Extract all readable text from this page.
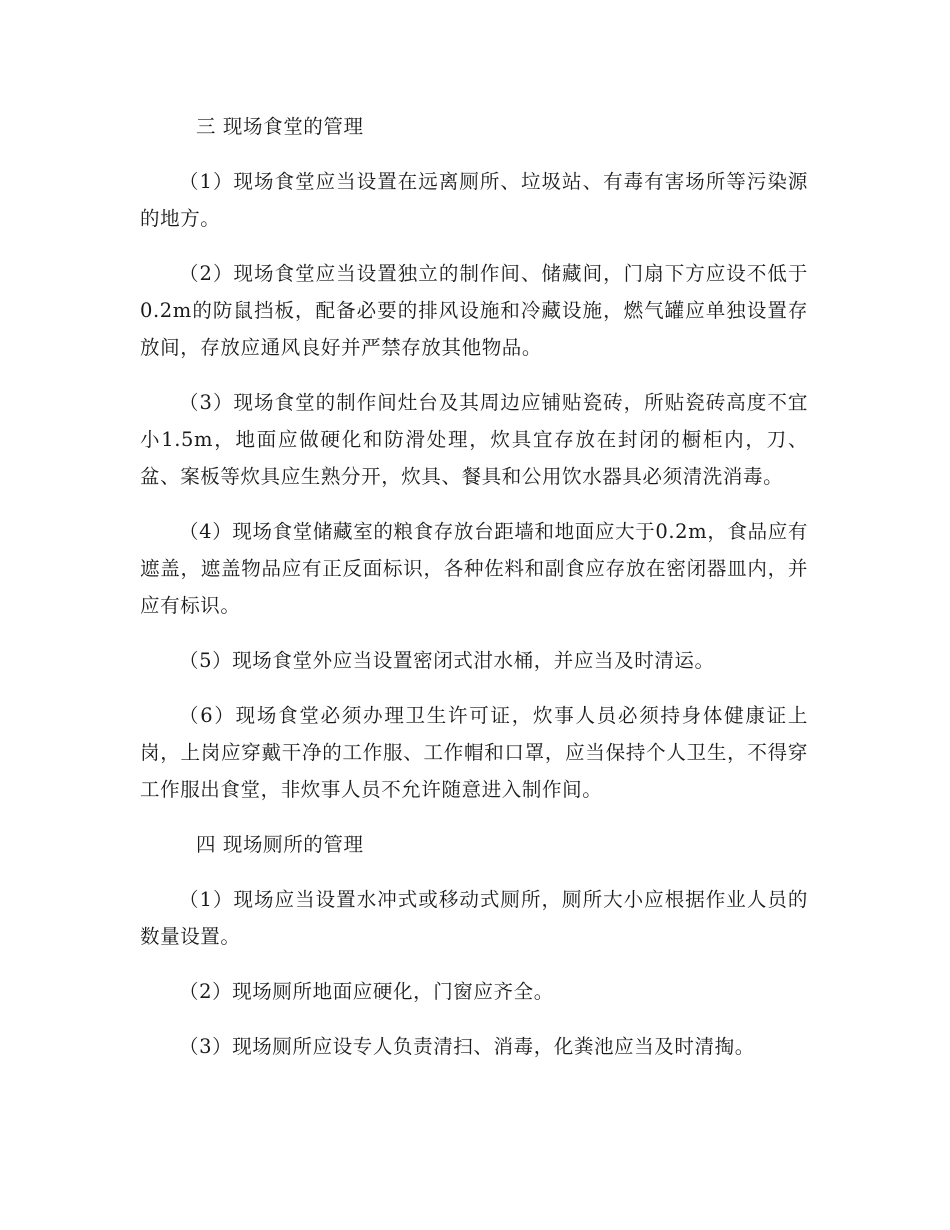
三 现场食堂的管理

（1）现场食堂应当设置在远离厕所、垃圾站、有毒有害场所等污染源的地方。

（2）现场食堂应当设置独立的制作间、储藏间，门扇下方应设不低于0.2m的防鼠挡板，配备必要的排风设施和冷藏设施，燃气罐应单独设置存放间，存放应通风良好并严禁存放其他物品。

（3）现场食堂的制作间灶台及其周边应铺贴瓷砖，所贴瓷砖高度不宜小1.5m，地面应做硬化和防滑处理，炊具宜存放在封闭的橱柜内，刀、盆、案板等炊具应生熟分开，炊具、餐具和公用饮水器具必须清洗消毒。

（4）现场食堂储藏室的粮食存放台距墙和地面应大于0.2m，食品应有遮盖，遮盖物品应有正反面标识，各种佐料和副食应存放在密闭器皿内，并应有标识。

（5）现场食堂外应当设置密闭式泔水桶，并应当及时清运。

（6）现场食堂必须办理卫生许可证，炊事人员必须持身体健康证上岗，上岗应穿戴干净的工作服、工作帽和口罩，应当保持个人卫生，不得穿工作服出食堂，非炊事人员不允许随意进入制作间。

四 现场厕所的管理

（1）现场应当设置水冲式或移动式厕所，厕所大小应根据作业人员的数量设置。

（2）现场厕所地面应硬化，门窗应齐全。

（3）现场厕所应设专人负责清扫、消毒，化粪池应当及时清掏。
